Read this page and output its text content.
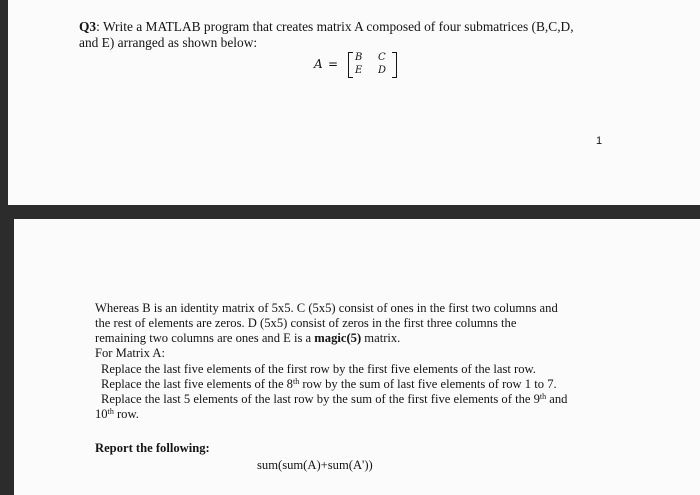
Q3: Write a MATLAB program that creates matrix A composed of four submatrices (B,C,D,
and E) arranged as shown below:
A = B C
E D
1
Whereas B is an identity matrix of 5x5. C (5x5) consist of ones in the first two columns and
the rest of elements are zeros. D (5x5) consist of zeros in the first three columns the
remaining two columns are ones and E is a magic(5) matrix.
For Matrix A:
Replace the last five elements of the first row by the first five elements of the last row.
Replace the last five elements of the 8th row by the sum of last five elements of row 1 to 7.
Replace the last 5 elements of the last row by the sum of the first five elements of the 9th and
10th row.
Report the following:
sum(sum(A)+sum(A'))
